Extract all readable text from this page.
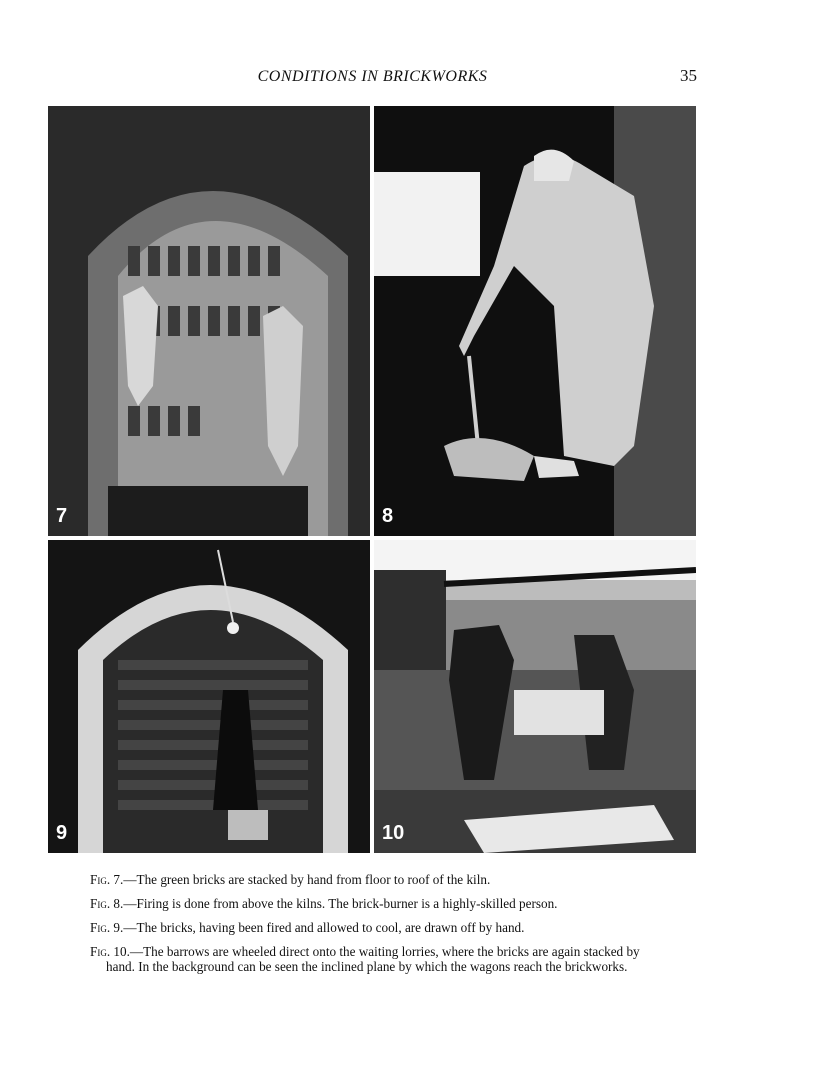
CONDITIONS IN BRICKWORKS	35
7	8
9	10

Fig. 7.—The green bricks are stacked by hand from floor to roof of the kiln.

Fig. 8.—Firing is done from above the kilns. The brick-burner is a highly-skilled person.

Fig. 9.—The bricks, having been fired and allowed to cool, are drawn off by hand.

Fig. 10.—The barrows are wheeled direct onto the waiting lorries, where the bricks are again stacked by hand. In the background can be seen the inclined plane by which the wagons reach the brickworks.
